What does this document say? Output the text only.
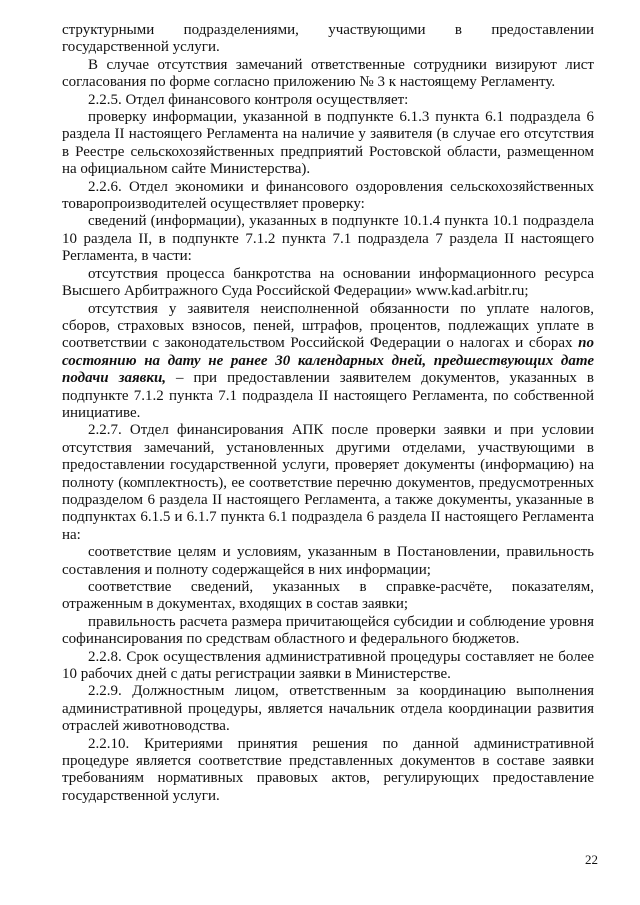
структурными подразделениями, участвующими в предоставлении государственной услуги.

В случае отсутствия замечаний ответственные сотрудники визируют лист согласования по форме согласно приложению № 3 к настоящему Регламенту.

2.2.5. Отдел финансового контроля осуществляет:

проверку информации, указанной в подпункте 6.1.3 пункта 6.1 подраздела 6 раздела II настоящего Регламента на наличие у заявителя (в случае его отсутствия в Реестре сельскохозяйственных предприятий Ростовской области, размещенном на официальном сайте Министерства).

2.2.6. Отдел экономики и финансового оздоровления сельскохозяйственных товаропроизводителей осуществляет проверку:

сведений (информации), указанных в подпункте 10.1.4 пункта 10.1 подраздела 10 раздела II, в подпункте 7.1.2 пункта 7.1 подраздела 7 раздела II настоящего Регламента, в части:

отсутствия процесса банкротства на основании информационного ресурса Высшего Арбитражного Суда Российской Федерации» www.kad.arbitr.ru;

отсутствия у заявителя неисполненной обязанности по уплате налогов, сборов, страховых взносов, пеней, штрафов, процентов, подлежащих уплате в соответствии с законодательством Российской Федерации о налогах и сборах по состоянию на дату не ранее 30 календарных дней, предшествующих дате подачи заявки, – при предоставлении заявителем документов, указанных в подпункте 7.1.2 пункта 7.1 подраздела II настоящего Регламента, по собственной инициативе.

2.2.7. Отдел финансирования АПК после проверки заявки и при условии отсутствия замечаний, установленных другими отделами, участвующими в предоставлении государственной услуги, проверяет документы (информацию) на полноту (комплектность), ее соответствие перечню документов, предусмотренных подразделом 6 раздела II настоящего Регламента, а также документы, указанные в подпунктах 6.1.5 и 6.1.7 пункта 6.1 подраздела 6 раздела II настоящего Регламента на:

соответствие целям и условиям, указанным в Постановлении, правильность составления и полноту содержащейся в них информации;

соответствие сведений, указанных в справке-расчёте, показателям, отраженным в документах, входящих в состав заявки;

правильность расчета размера причитающейся субсидии и соблюдение уровня софинансирования по средствам областного и федерального бюджетов.

2.2.8. Срок осуществления административной процедуры составляет не более 10 рабочих дней с даты регистрации заявки в Министерстве.

2.2.9. Должностным лицом, ответственным за координацию выполнения административной процедуры, является начальник отдела координации развития отраслей животноводства.

2.2.10. Критериями принятия решения по данной административной процедуре является соответствие представленных документов в составе заявки требованиям нормативных правовых актов, регулирующих предоставление государственной услуги.

22
